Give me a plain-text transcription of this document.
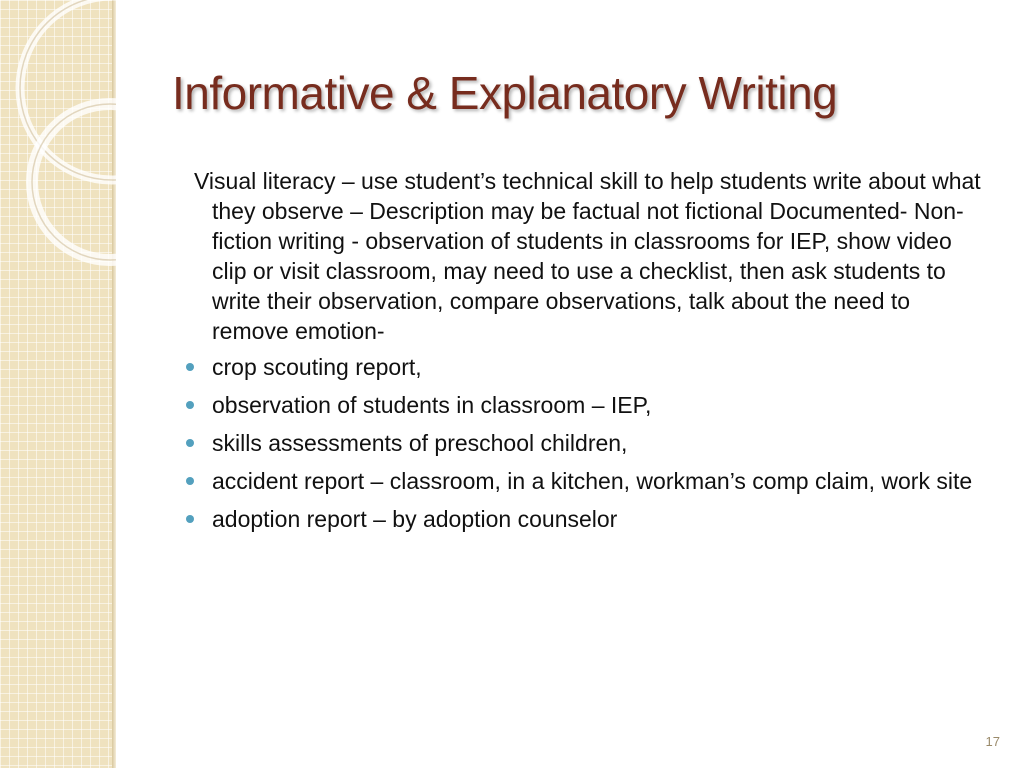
Informative & Explanatory Writing

Visual literacy – use student’s technical skill to help students write about what they observe – Description may be factual not fictional Documented- Non-fiction writing - observation of students in classrooms for IEP, show video clip or visit classroom, may need to use a checklist, then ask students to write their observation, compare observations, talk about the need to remove emotion-

crop scouting report,
observation of students in classroom – IEP,
skills assessments of preschool children,
accident report – classroom, in a kitchen, workman’s comp claim, work site
adoption report – by adoption counselor
17
